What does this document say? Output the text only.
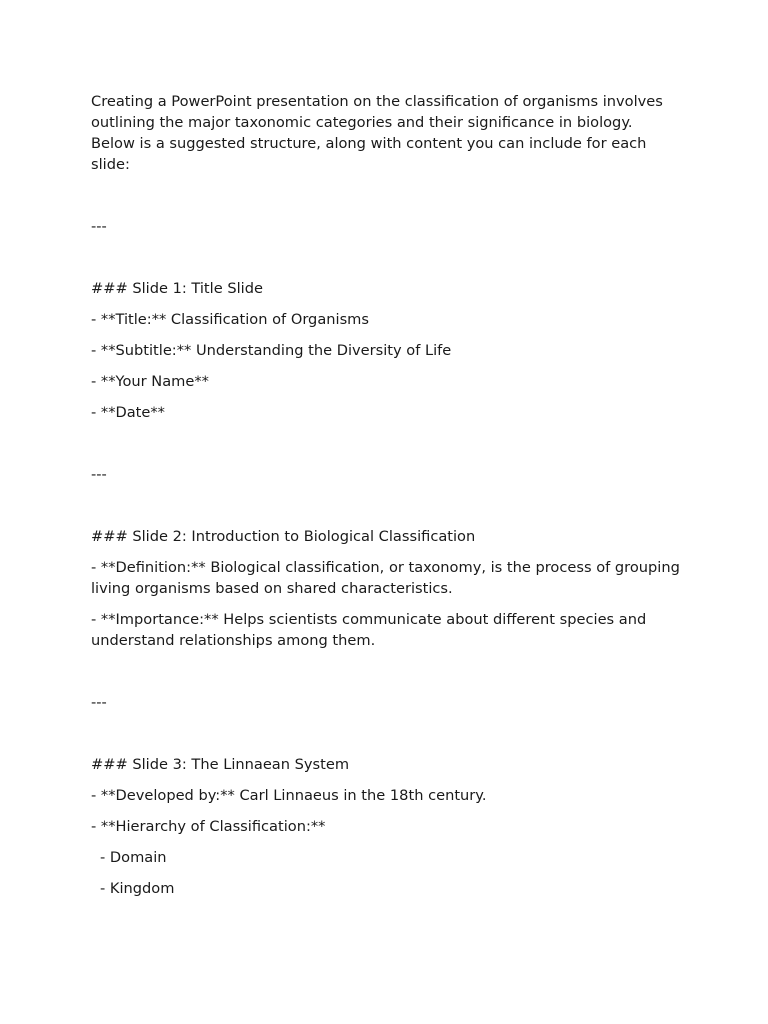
Creating a PowerPoint presentation on the classification of organisms involves outlining the major taxonomic categories and their significance in biology. Below is a suggested structure, along with content you can include for each slide:

---

### Slide 1: Title Slide

- **Title:** Classification of Organisms

- **Subtitle:** Understanding the Diversity of Life

- **Your Name**

- **Date**

---

### Slide 2: Introduction to Biological Classification

- **Definition:** Biological classification, or taxonomy, is the process of grouping living organisms based on shared characteristics.

- **Importance:** Helps scientists communicate about different species and understand relationships among them.

---

### Slide 3: The Linnaean System

- **Developed by:** Carl Linnaeus in the 18th century.

- **Hierarchy of Classification:**

- Domain

- Kingdom
